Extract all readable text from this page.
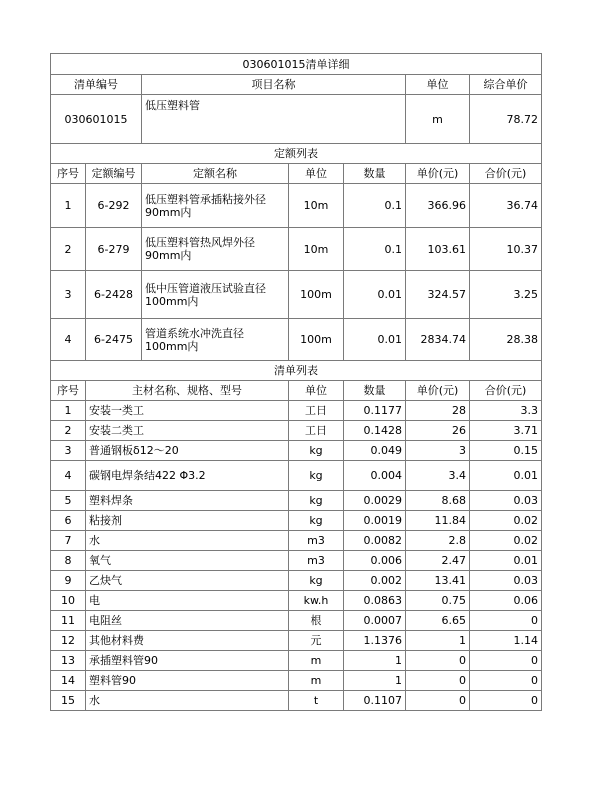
030601015清单详细						
清单编号		项目名称			单位	综合单价
030601015		低压塑料管			m	78.72
定额列表						
序号	定额编号	定额名称	单位	数量	单价(元)	合价(元)
1	6-292	低压塑料管承插粘接外径90mm内	10m	0.1	366.96	36.74
2	6-279	低压塑料管热风焊外径90mm内	10m	0.1	103.61	10.37
3	6-2428	低中压管道液压试验直径100mm内	100m	0.01	324.57	3.25
4	6-2475	管道系统水冲洗直径100mm内	100m	0.01	2834.74	28.38
清单列表						
序号	主材名称、规格、型号		单位	数量	单价(元)	合价(元)
1	安装一类工		工日	0.1177	28	3.3
2	安装二类工		工日	0.1428	26	3.71
3	普通钢板δ12～20		kg	0.049	3	0.15
4	碳钢电焊条结422 Φ3.2		kg	0.004	3.4	0.01
5	塑料焊条		kg	0.0029	8.68	0.03
6	粘接剂		kg	0.0019	11.84	0.02
7	水		m3	0.0082	2.8	0.02
8	氧气		m3	0.006	2.47	0.01
9	乙炔气		kg	0.002	13.41	0.03
10	电		kw.h	0.0863	0.75	0.06
11	电阻丝		根	0.0007	6.65	0
12	其他材料费		元	1.1376	1	1.14
13	承插塑料管90		m	1	0	0
14	塑料管90		m	1	0	0
15	水		t	0.1107	0	0
